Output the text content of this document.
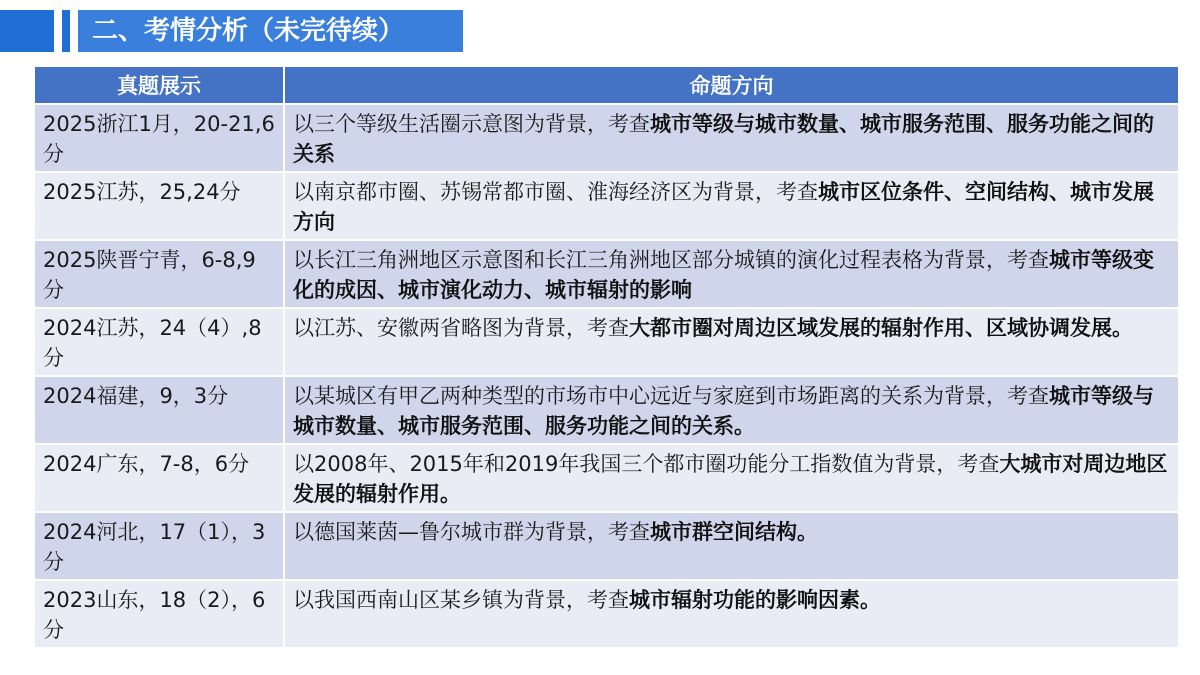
二、考情分析（未完待续）
真题展示	命题方向
2025浙江1月，20-21,6分	以三个等级生活圈示意图为背景，考查城市等级与城市数量、城市服务范围、服务功能之间的关系
2025江苏，25,24分	以南京都市圈、苏锡常都市圈、淮海经济区为背景，考查城市区位条件、空间结构、城市发展方向
2025陕晋宁青，6-8,9分	以长江三角洲地区示意图和长江三角洲地区部分城镇的演化过程表格为背景，考查城市等级变化的成因、城市演化动力、城市辐射的影响
2024江苏，24（4）,8分	以江苏、安徽两省略图为背景，考查大都市圈对周边区域发展的辐射作用、区域协调发展。
2024福建，9，3分	以某城区有甲乙两种类型的市场市中心远近与家庭到市场距离的关系为背景，考查城市等级与城市数量、城市服务范围、服务功能之间的关系。
2024广东，7-8，6分	以2008年、2015年和2019年我国三个都市圈功能分工指数值为背景，考查大城市对周边地区发展的辐射作用。
2024河北，17（1），3分	以德国莱茵—鲁尔城市群为背景，考查城市群空间结构。
2023山东，18（2），6分	以我国西南山区某乡镇为背景，考查城市辐射功能的影响因素。
